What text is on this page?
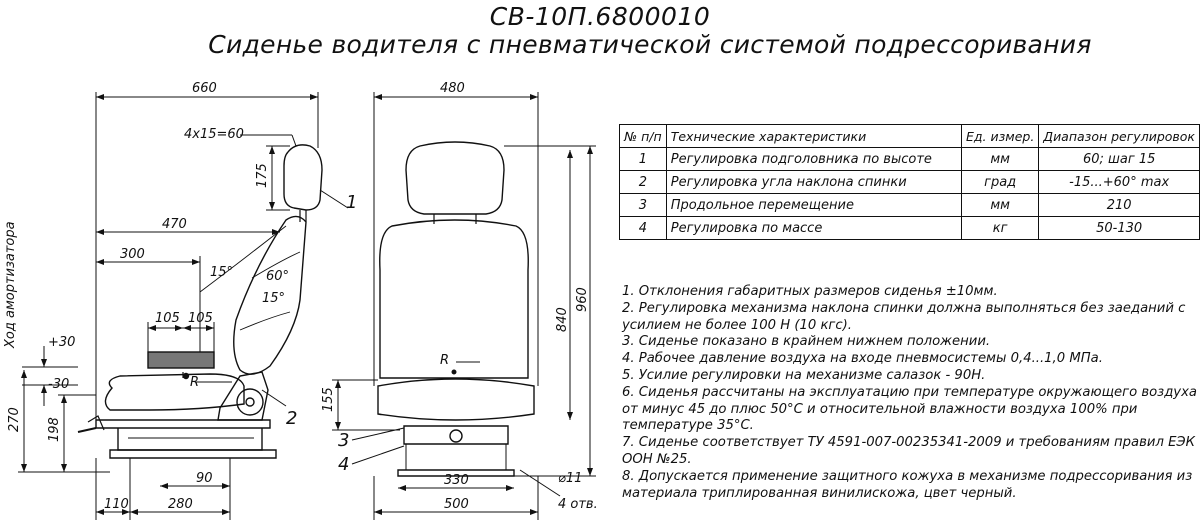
СВ-10П.6800010
Сиденье водителя с пневматической системой подрессоривания
660
4x15=60
175
470
300
105 105
15°	60°
15°
R
+30
-30
270 198
90
110	280
Ход амортизатора
1
2
3
4
480
840
960
155
330
500
⌀11
4 отв.
R
№ п/п	Технические характеристики	Ед. измер.	Диапазон регулировок
1	Регулировка подголовника по высоте	мм	60; шаг 15
2	Регулировка угла наклона спинки	град	-15...+60° max
3	Продольное перемещение	мм	210
4	Регулировка по массе	кг	50-130
1. Отклонения габаритных размеров сиденья ±10мм.
2. Регулировка механизма наклона спинки должна выполняться без заеданий с усилием не более 100 Н (10 кгс).
3. Сиденье показано в крайнем нижнем положении.
4. Рабочее давление воздуха на входе пневмосистемы 0,4...1,0 МПа.
5. Усилие регулировки на механизме салазок - 90Н.
6. Сиденья рассчитаны на эксплуатацию при температуре окружающего воздуха от минус 45 до плюс 50°С и относительной влажности воздуха 100% при температуре 35°С.
7. Сиденье соответствует ТУ 4591-007-00235341-2009 и требованиям правил ЕЭК ООН №25.
8. Допускается применение защитного кожуха в механизме подрессоривания из материала триплированная винилискожа, цвет черный.
